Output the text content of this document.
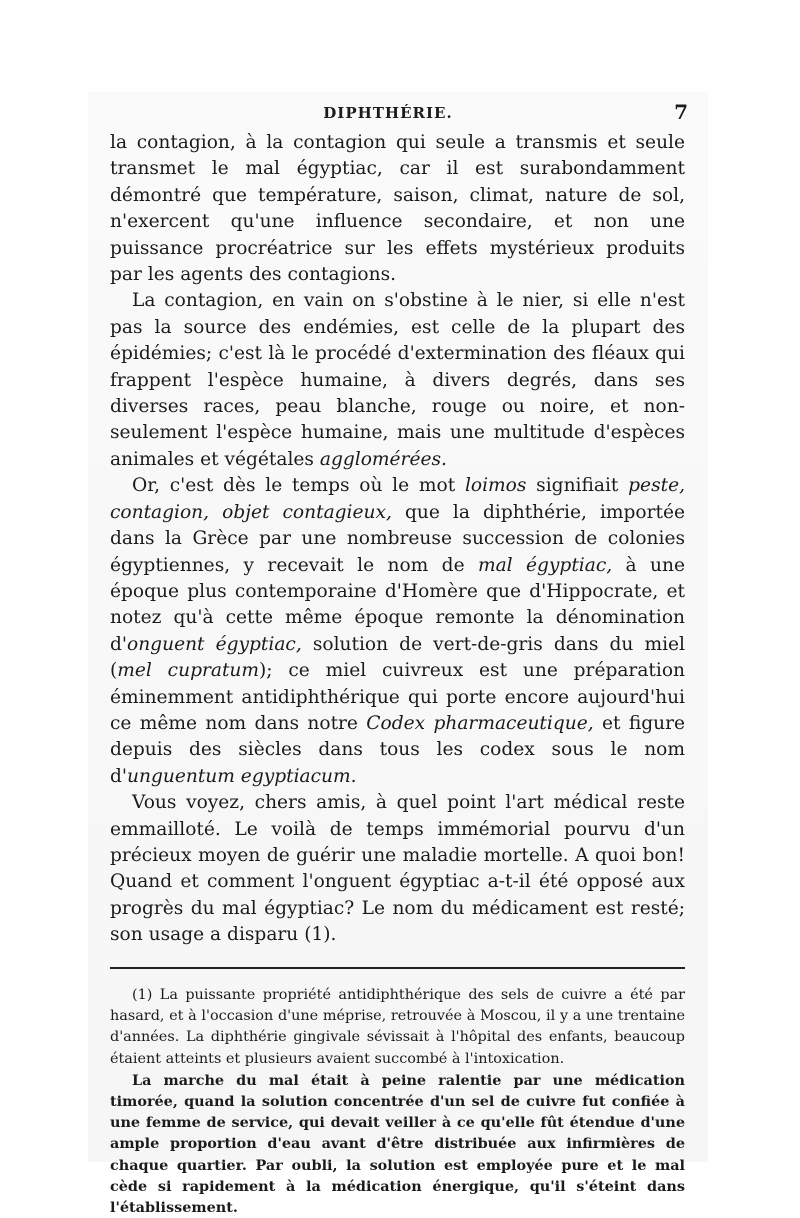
DIPHTHÉRIE.	7

la contagion, à la contagion qui seule a transmis et seule transmet le mal égyptiac, car il est surabondamment démontré que température, saison, climat, nature de sol, n'exercent qu'une influence secondaire, et non une puissance procréatrice sur les effets mystérieux produits par les agents des contagions.

La contagion, en vain on s'obstine à le nier, si elle n'est pas la source des endémies, est celle de la plupart des épidémies; c'est là le procédé d'extermination des fléaux qui frappent l'espèce humaine, à divers degrés, dans ses diverses races, peau blanche, rouge ou noire, et non-seulement l'espèce humaine, mais une multitude d'espèces animales et végétales agglomérées.

Or, c'est dès le temps où le mot loimos signifiait peste, contagion, objet contagieux, que la diphthérie, importée dans la Grèce par une nombreuse succession de colonies égyptiennes, y recevait le nom de mal égyptiac, à une époque plus contemporaine d'Homère que d'Hippocrate, et notez qu'à cette même époque remonte la dénomination d'onguent égyptiac, solution de vert-de-gris dans du miel (mel cupratum); ce miel cuivreux est une préparation éminemment antidiphthérique qui porte encore aujourd'hui ce même nom dans notre Codex pharmaceutique, et figure depuis des siècles dans tous les codex sous le nom d'unguentum egyptiacum.

Vous voyez, chers amis, à quel point l'art médical reste emmailloté. Le voilà de temps immémorial pourvu d'un précieux moyen de guérir une maladie mortelle. A quoi bon! Quand et comment l'onguent égyptiac a-t-il été opposé aux progrès du mal égyptiac? Le nom du médicament est resté; son usage a disparu (1).

(1) La puissante propriété antidiphthérique des sels de cuivre a été par hasard, et à l'occasion d'une méprise, retrouvée à Moscou, il y a une trentaine d'années. La diphthérie gingivale sévissait à l'hôpital des enfants, beaucoup étaient atteints et plusieurs avaient succombé à l'intoxication.

La marche du mal était à peine ralentie par une médication timorée, quand la solution concentrée d'un sel de cuivre fut confiée à une femme de service, qui devait veiller à ce qu'elle fût étendue d'une ample proportion d'eau avant d'être distribuée aux infirmières de chaque quartier. Par oubli, la solution est employée pure et le mal cède si rapidement à la médication énergique, qu'il s'éteint dans l'établissement.
